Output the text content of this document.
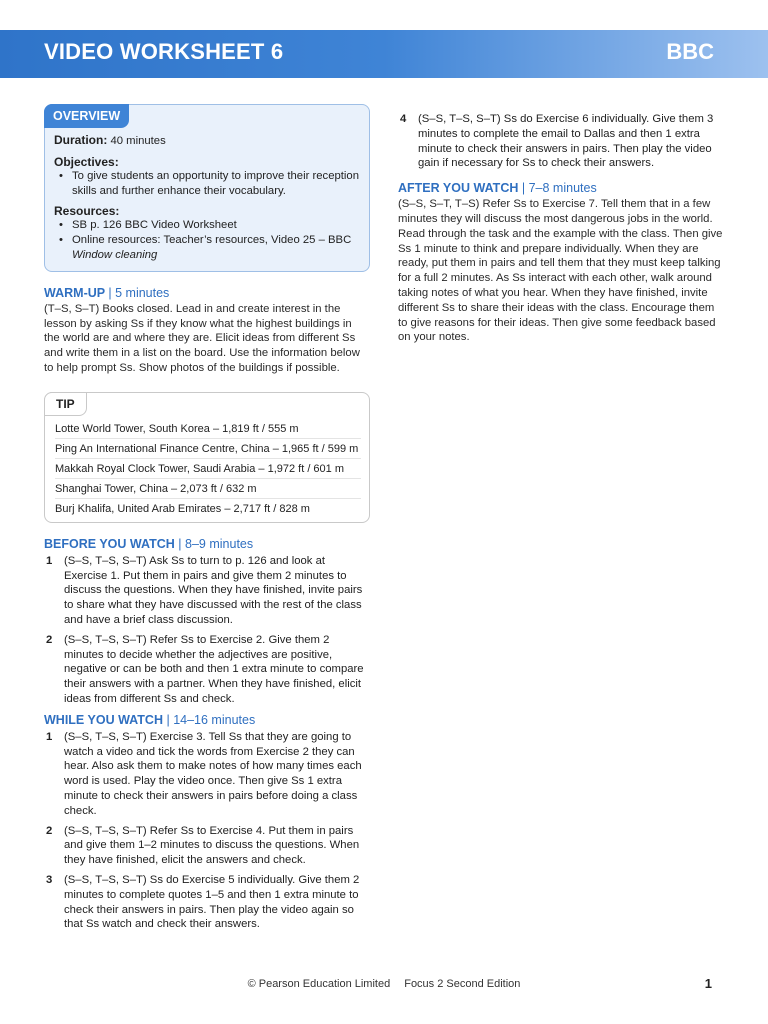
VIDEO WORKSHEET 6	BBC
OVERVIEW
Duration: 40 minutes
Objectives:
• To give students an opportunity to improve their reception skills and further enhance their vocabulary.
Resources:
• SB p. 126 BBC Video Worksheet
• Online resources: Teacher’s resources, Video 25 – BBC
Window cleaning
WARM-UP | 5 minutes

(T–S, S–T) Books closed. Lead in and create interest in the lesson by asking Ss if they know what the highest buildings in the world are and where they are. Elicit ideas from different Ss and write them in a list on the board. Use the information below to help prompt Ss. Show photos of the buildings if possible.

TIP
Lotte World Tower, South Korea – 1,819 ft / 555 m
Ping An International Finance Centre, China – 1,965 ft / 599 m
Makkah Royal Clock Tower, Saudi Arabia – 1,972 ft / 601 m
Shanghai Tower, China – 2,073 ft / 632 m
Burj Khalifa, United Arab Emirates – 2,717 ft / 828 m
BEFORE YOU WATCH | 8–9 minutes
1 (S–S, T–S, S–T) Ask Ss to turn to p. 126 and look at Exercise 1. Put them in pairs and give them 2 minutes to discuss the questions. When they have finished, invite pairs to share what they have discussed with the rest of the class and have a brief class discussion.
2 (S–S, T–S, S–T) Refer Ss to Exercise 2. Give them 2 minutes to decide whether the adjectives are positive, negative or can be both and then 1 extra minute to compare their answers with a partner. When they have finished, elicit ideas from different Ss and check.
WHILE YOU WATCH | 14–16 minutes
1 (S–S, T–S, S–T) Exercise 3. Tell Ss that they are going to watch a video and tick the words from Exercise 2 they can hear. Also ask them to make notes of how many times each word is used. Play the video once. Then give Ss 1 extra minute to check their answers in pairs before doing a class check.
2 (S–S, T–S, S–T) Refer Ss to Exercise 4. Put them in pairs and give them 1–2 minutes to discuss the questions. When they have finished, elicit the answers and check.
3 (S–S, T–S, S–T) Ss do Exercise 5 individually. Give them 2 minutes to complete quotes 1–5 and then 1 extra minute to check their answers in pairs. Then play the video again so that Ss watch and check their answers.
4 (S–S, T–S, S–T) Ss do Exercise 6 individually. Give them 3 minutes to complete the email to Dallas and then 1 extra minute to check their answers in pairs. Then play the video gain if necessary for Ss to check their answers.
AFTER YOU WATCH | 7–8 minutes

(S–S, S–T, T–S) Refer Ss to Exercise 7. Tell them that in a few minutes they will discuss the most dangerous jobs in the world. Read through the task and the example with the class. Then give Ss 1 minute to think and prepare individually. When they are ready, put them in pairs and tell them that they must keep talking for a full 2 minutes. As Ss interact with each other, walk around taking notes of what you hear. When they have finished, invite different Ss to share their ideas with the class. Encourage them to give reasons for their ideas. Then give some feedback based on your notes.

© Pearson Education Limited Focus 2 Second Edition	1
